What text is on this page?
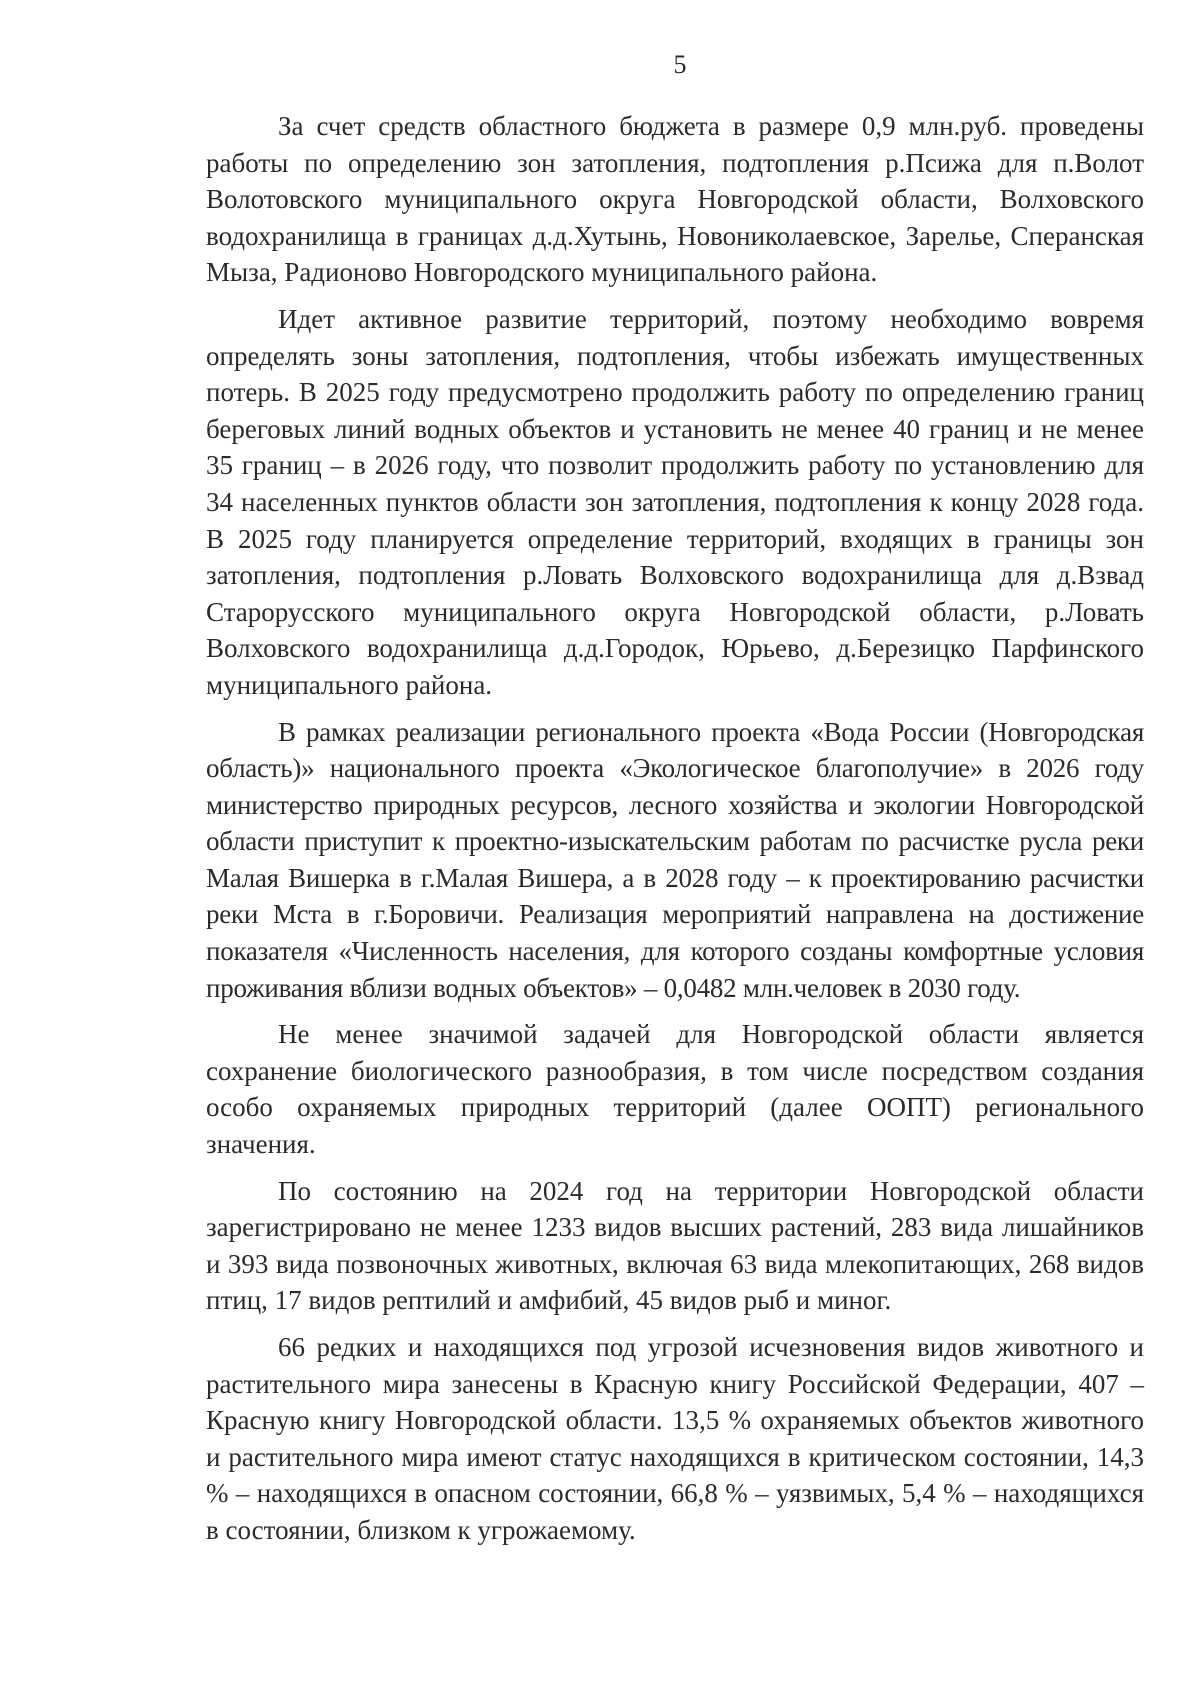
5

За счет средств областного бюджета в размере 0,9 млн.руб. проведены работы по определению зон затопления, подтопления р.Псижа для п.Волот Волотовского муниципального округа Новгородской области, Волховского водохранилища в границах д.д.Хутынь, Новониколаевское, Зарелье, Сперанская Мыза, Радионово Новгородского муниципального района.

Идет активное развитие территорий, поэтому необходимо вовремя определять зоны затопления, подтопления, чтобы избежать имущественных потерь. В 2025 году предусмотрено продолжить работу по определению границ береговых линий водных объектов и установить не менее 40 границ и не менее 35 границ – в 2026 году, что позволит продолжить работу по установлению для 34 населенных пунктов области зон затопления, подтопления к концу 2028 года. В 2025 году планируется определение территорий, входящих в границы зон затопления, подтопления р.Ловать Волховского водохранилища для д.Взвад Старорусского муниципального округа Новгородской области, р.Ловать Волховского водохранилища д.д.Городок, Юрьево, д.Березицко Парфинского муниципального района.

В рамках реализации регионального проекта «Вода России (Новгородская область)» национального проекта «Экологическое благополучие» в 2026 году министерство природных ресурсов, лесного хозяйства и экологии Новгородской области приступит к проектно-изыскательским работам по расчистке русла реки Малая Вишерка в г.Малая Вишера, а в 2028 году – к проектированию расчистки реки Мста в г.Боровичи. Реализация мероприятий направлена на достижение показателя «Численность населения, для которого созданы комфортные условия проживания вблизи водных объектов» – 0,0482 млн.человек в 2030 году.

Не менее значимой задачей для Новгородской области является сохранение биологического разнообразия, в том числе посредством создания особо охраняемых природных территорий (далее ООПТ) регионального значения.

По состоянию на 2024 год на территории Новгородской области зарегистрировано не менее 1233 видов высших растений, 283 вида лишайников и 393 вида позвоночных животных, включая 63 вида млекопитающих, 268 видов птиц, 17 видов рептилий и амфибий, 45 видов рыб и миног.

66 редких и находящихся под угрозой исчезновения видов животного и растительного мира занесены в Красную книгу Российской Федерации, 407 – Красную книгу Новгородской области. 13,5 % охраняемых объектов животного и растительного мира имеют статус находящихся в критическом состоянии, 14,3 % – находящихся в опасном состоянии, 66,8 % – уязвимых, 5,4 % – находящихся в состоянии, близком к угрожаемому.
